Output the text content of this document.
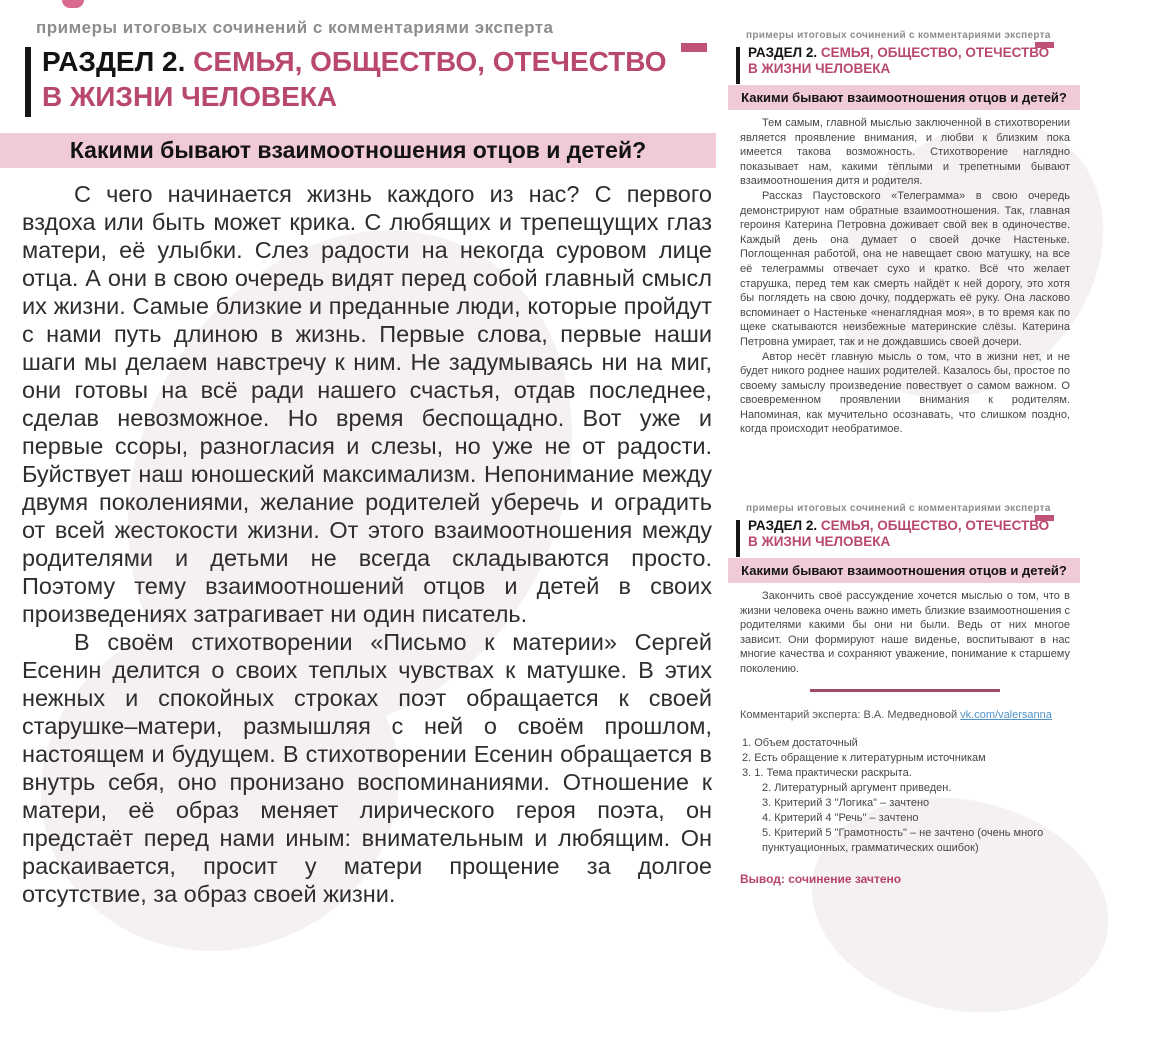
примеры итоговых сочинений с комментариями эксперта
РАЗДЕЛ 2. СЕМЬЯ, ОБЩЕСТВО, ОТЕЧЕСТВО
В ЖИЗНИ ЧЕЛОВЕКА
Какими бывают взаимоотношения отцов и детей?

С чего начинается жизнь каждого из нас? С первого вздоха или быть может крика. С любящих и трепещущих глаз матери, её улыбки. Слез радости на некогда суровом лице отца. А они в свою очередь видят перед собой главный смысл их жизни. Самые близкие и преданные люди, которые пройдут с нами путь длиною в жизнь. Первые слова, первые наши шаги мы делаем навстречу к ним. Не задумываясь ни на миг, они готовы на всё ради нашего счастья, отдав последнее, сделав невозможное. Но время беспощадно. Вот уже и первые ссоры, разногласия и слезы, но уже не от радости. Буйствует наш юношеский максимализм. Непонимание между двумя поколениями, желание родителей уберечь и оградить от всей жестокости жизни. От этого взаимоотношения между родителями и детьми не всегда складываются просто. Поэтому тему взаимоотношений отцов и детей в своих произведениях затрагивает ни один писатель.

В своём стихотворении «Письмо к материи» Сергей Есенин делится о своих теплых чувствах к матушке. В этих нежных и спокойных строках поэт обращается к своей старушке–матери, размышляя с ней о своём прошлом, настоящем и будущем. В стихотворении Есенин обращается в внутрь себя, оно пронизано воспоминаниями. Отношение к матери, её образ меняет лирического героя поэта, он предстаёт перед нами иным: внимательным и любящим. Он раскаивается, просит у матери прощение за долгое отсутствие, за образ своей жизни.

примеры итоговых сочинений с комментариями эксперта
РАЗДЕЛ 2. СЕМЬЯ, ОБЩЕСТВО, ОТЕЧЕСТВО
В ЖИЗНИ ЧЕЛОВЕКА
Какими бывают взаимоотношения отцов и детей?

Тем самым, главной мыслью заключенной в стихотворении является проявление внимания, и любви к близким пока имеется такова возможность. Стихотворение наглядно показывает нам, какими тёплыми и трепетными бывают взаимоотношения дитя и родителя.

Рассказ Паустовского «Телеграмма» в свою очередь демонстрируют нам обратные взаимоотношения. Так, главная героиня Катерина Петровна доживает свой век в одиночестве. Каждый день она думает о своей дочке Настеньке. Поглощенная работой, она не навещает свою матушку, на все её телеграммы отвечает сухо и кратко. Всё что желает старушка, перед тем как смерть найдёт к ней дорогу, это хотя бы поглядеть на свою дочку, поддержать её руку. Она ласково вспоминает о Настеньке «ненаглядная моя», в то время как по щеке скатываются неизбежные материнские слёзы. Катерина Петровна умирает, так и не дождавшись своей дочери.

Автор несёт главную мысль о том, что в жизни нет, и не будет никого роднее наших родителей. Казалось бы, простое по своему замыслу произведение повествует о самом важном. О своевременном проявлении внимания к родителям. Напоминая, как мучительно осознавать, что слишком поздно, когда происходит необратимое.

примеры итоговых сочинений с комментариями эксперта
РАЗДЕЛ 2. СЕМЬЯ, ОБЩЕСТВО, ОТЕЧЕСТВО
В ЖИЗНИ ЧЕЛОВЕКА
Какими бывают взаимоотношения отцов и детей?

Закончить своё рассуждение хочется мыслью о том, что в жизни человека очень важно иметь близкие взаимоотношения с родителями какими бы они ни были. Ведь от них многое зависит. Они формируют наше виденье, воспитывают в нас многие качества и сохраняют уважение, понимание к старшему поколению.

Комментарий эксперта: В.А. Медведновой vk.com/valersanna
1. Объем достаточный
2. Есть обращение к литературным источникам
3. 1. Тема практически раскрыта.
2. Литературный аргумент приведен.
3. Критерий 3 "Логика" – зачтено
4. Критерий 4 "Речь" – зачтено
5. Критерий 5 "Грамотность" – не зачтено (очень много пунктуационных, грамматических ошибок)
Вывод: сочинение зачтено
